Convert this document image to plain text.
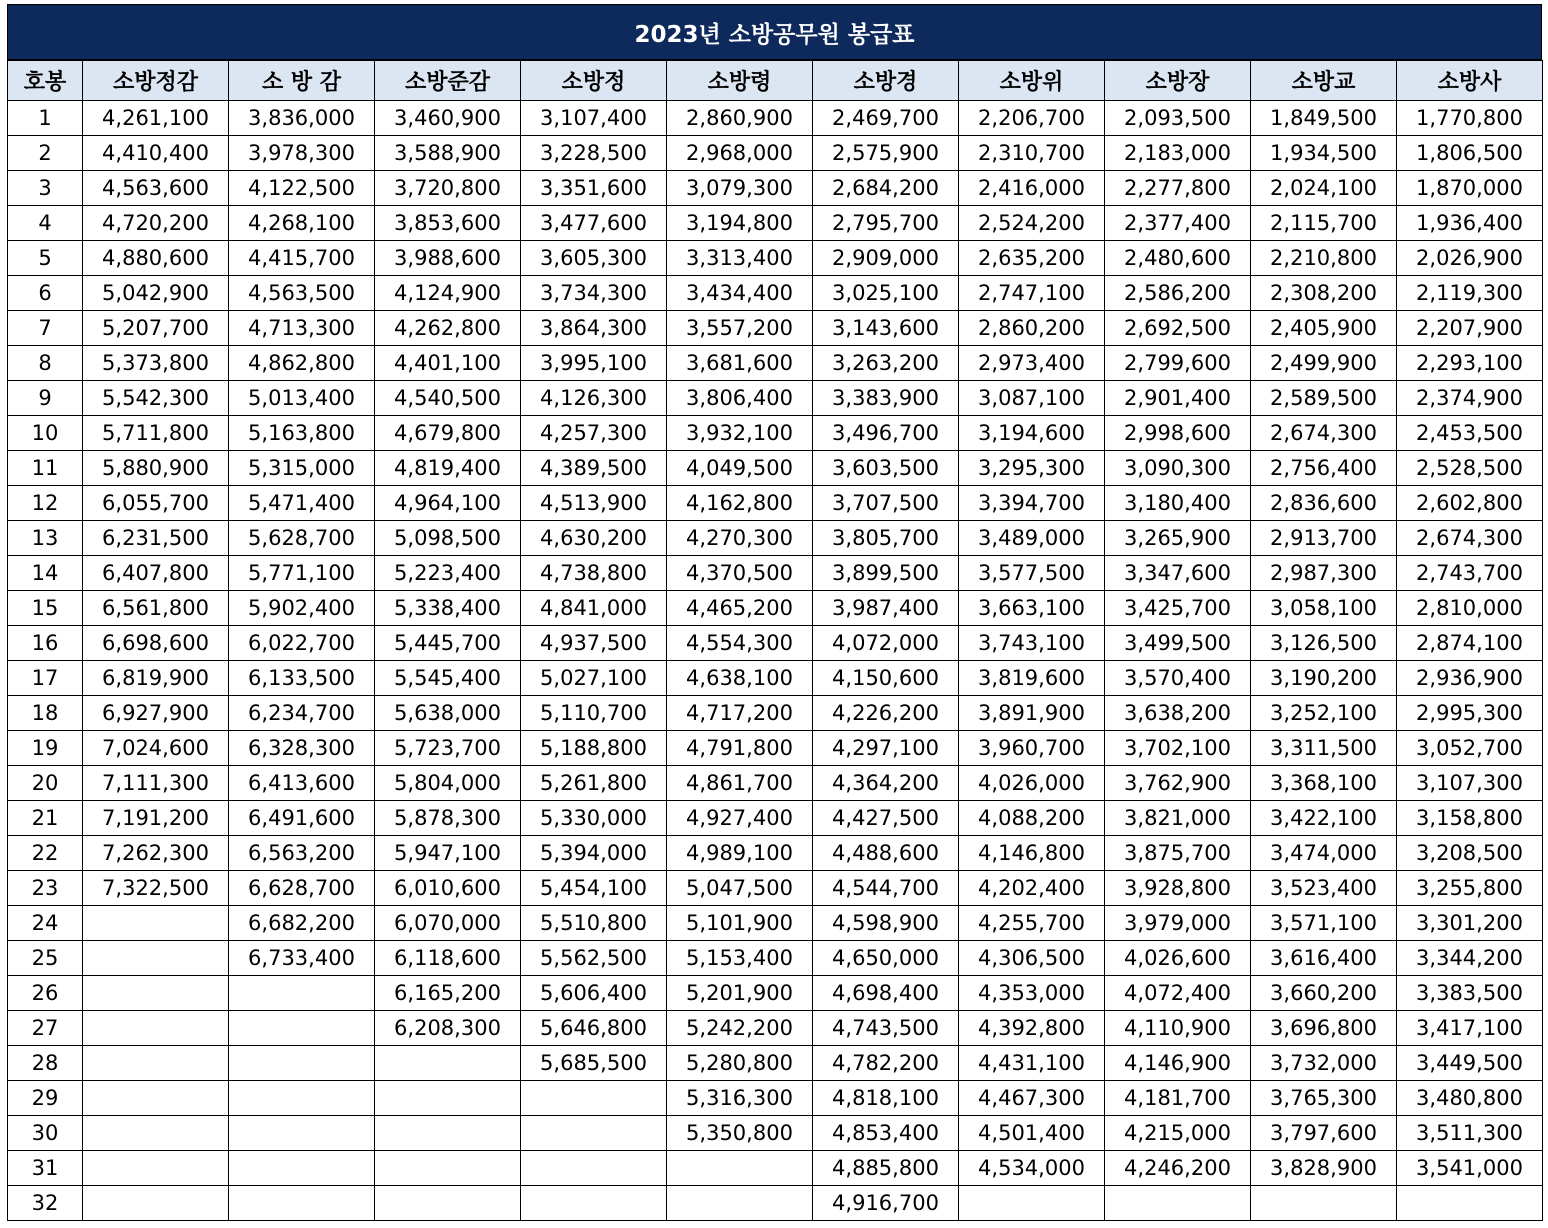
2023년 소방공무원 봉급표
호봉	소방정감	소 방 감	소방준감	소방정	소방령	소방경	소방위	소방장	소방교	소방사
1	4,261,100	3,836,000	3,460,900	3,107,400	2,860,900	2,469,700	2,206,700	2,093,500	1,849,500	1,770,800
2	4,410,400	3,978,300	3,588,900	3,228,500	2,968,000	2,575,900	2,310,700	2,183,000	1,934,500	1,806,500
3	4,563,600	4,122,500	3,720,800	3,351,600	3,079,300	2,684,200	2,416,000	2,277,800	2,024,100	1,870,000
4	4,720,200	4,268,100	3,853,600	3,477,600	3,194,800	2,795,700	2,524,200	2,377,400	2,115,700	1,936,400
5	4,880,600	4,415,700	3,988,600	3,605,300	3,313,400	2,909,000	2,635,200	2,480,600	2,210,800	2,026,900
6	5,042,900	4,563,500	4,124,900	3,734,300	3,434,400	3,025,100	2,747,100	2,586,200	2,308,200	2,119,300
7	5,207,700	4,713,300	4,262,800	3,864,300	3,557,200	3,143,600	2,860,200	2,692,500	2,405,900	2,207,900
8	5,373,800	4,862,800	4,401,100	3,995,100	3,681,600	3,263,200	2,973,400	2,799,600	2,499,900	2,293,100
9	5,542,300	5,013,400	4,540,500	4,126,300	3,806,400	3,383,900	3,087,100	2,901,400	2,589,500	2,374,900
10	5,711,800	5,163,800	4,679,800	4,257,300	3,932,100	3,496,700	3,194,600	2,998,600	2,674,300	2,453,500
11	5,880,900	5,315,000	4,819,400	4,389,500	4,049,500	3,603,500	3,295,300	3,090,300	2,756,400	2,528,500
12	6,055,700	5,471,400	4,964,100	4,513,900	4,162,800	3,707,500	3,394,700	3,180,400	2,836,600	2,602,800
13	6,231,500	5,628,700	5,098,500	4,630,200	4,270,300	3,805,700	3,489,000	3,265,900	2,913,700	2,674,300
14	6,407,800	5,771,100	5,223,400	4,738,800	4,370,500	3,899,500	3,577,500	3,347,600	2,987,300	2,743,700
15	6,561,800	5,902,400	5,338,400	4,841,000	4,465,200	3,987,400	3,663,100	3,425,700	3,058,100	2,810,000
16	6,698,600	6,022,700	5,445,700	4,937,500	4,554,300	4,072,000	3,743,100	3,499,500	3,126,500	2,874,100
17	6,819,900	6,133,500	5,545,400	5,027,100	4,638,100	4,150,600	3,819,600	3,570,400	3,190,200	2,936,900
18	6,927,900	6,234,700	5,638,000	5,110,700	4,717,200	4,226,200	3,891,900	3,638,200	3,252,100	2,995,300
19	7,024,600	6,328,300	5,723,700	5,188,800	4,791,800	4,297,100	3,960,700	3,702,100	3,311,500	3,052,700
20	7,111,300	6,413,600	5,804,000	5,261,800	4,861,700	4,364,200	4,026,000	3,762,900	3,368,100	3,107,300
21	7,191,200	6,491,600	5,878,300	5,330,000	4,927,400	4,427,500	4,088,200	3,821,000	3,422,100	3,158,800
22	7,262,300	6,563,200	5,947,100	5,394,000	4,989,100	4,488,600	4,146,800	3,875,700	3,474,000	3,208,500
23	7,322,500	6,628,700	6,010,600	5,454,100	5,047,500	4,544,700	4,202,400	3,928,800	3,523,400	3,255,800
24		6,682,200	6,070,000	5,510,800	5,101,900	4,598,900	4,255,700	3,979,000	3,571,100	3,301,200
25		6,733,400	6,118,600	5,562,500	5,153,400	4,650,000	4,306,500	4,026,600	3,616,400	3,344,200
26			6,165,200	5,606,400	5,201,900	4,698,400	4,353,000	4,072,400	3,660,200	3,383,500
27			6,208,300	5,646,800	5,242,200	4,743,500	4,392,800	4,110,900	3,696,800	3,417,100
28				5,685,500	5,280,800	4,782,200	4,431,100	4,146,900	3,732,000	3,449,500
29					5,316,300	4,818,100	4,467,300	4,181,700	3,765,300	3,480,800
30					5,350,800	4,853,400	4,501,400	4,215,000	3,797,600	3,511,300
31						4,885,800	4,534,000	4,246,200	3,828,900	3,541,000
32						4,916,700				
